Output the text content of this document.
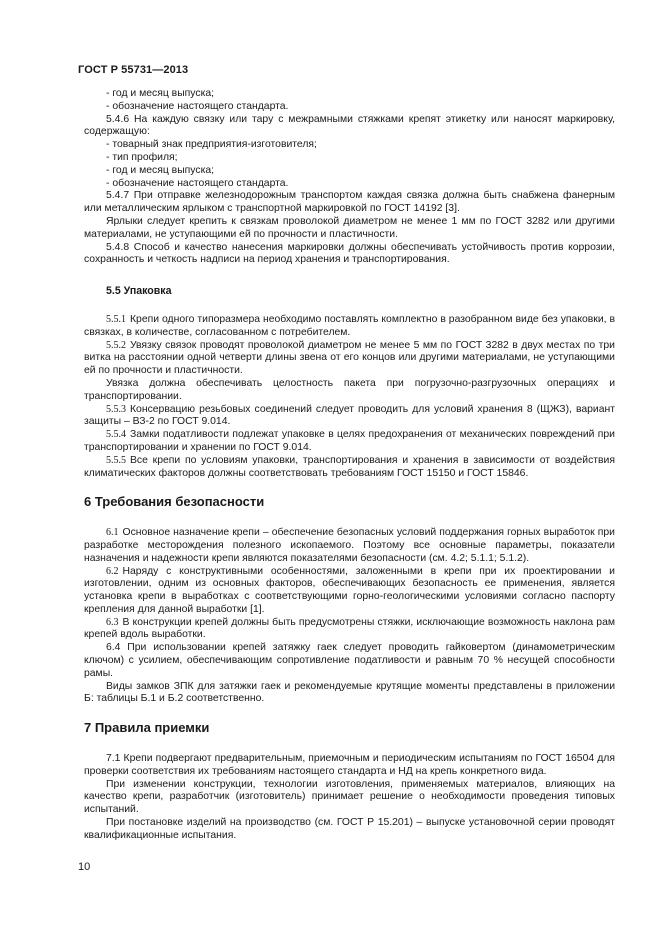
ГОСТ Р 55731—2013

- год и месяц выпуска;

- обозначение настоящего стандарта.

5.4.6 На каждую связку или тару с межрамными стяжками крепят этикетку или наносят маркировку, содержащую:

- товарный знак предприятия-изготовителя;

- тип профиля;

- год и месяц выпуска;

- обозначение настоящего стандарта.

5.4.7 При отправке железнодорожным транспортом каждая связка должна быть снабжена фанерным или металлическим ярлыком с транспортной маркировкой по ГОСТ 14192 [3].

Ярлыки следует крепить к связкам проволокой диаметром не менее 1 мм по ГОСТ 3282 или другими материалами, не уступающими ей по прочности и пластичности.

5.4.8 Способ и качество нанесения маркировки должны обеспечивать устойчивость против коррозии, сохранность и четкость надписи на период хранения и транспортирования.

5.5 Упаковка

5.5.1 Крепи одного типоразмера необходимо поставлять комплектно в разобранном виде без упаковки, в связках, в количестве, согласованном с потребителем.

5.5.2 Увязку связок проводят проволокой диаметром не менее 5 мм по ГОСТ 3282 в двух местах по три витка на расстоянии одной четверти длины звена от его концов или другими материалами, не уступающими ей по прочности и пластичности.

Увязка должна обеспечивать целостность пакета при погрузочно-разгрузочных операциях и транспортировании.

5.5.3 Консервацию резьбовых соединений следует проводить для условий хранения 8 (ЩЖЗ), вариант защиты – ВЗ-2 по ГОСТ 9.014.

5.5.4 Замки податливости подлежат упаковке в целях предохранения от механических повреждений при транспортировании и хранении по ГОСТ 9.014.

5.5.5 Все крепи по условиям упаковки, транспортирования и хранения в зависимости от воздействия климатических факторов должны соответствовать требованиям ГОСТ 15150 и ГОСТ 15846.

6 Требования безопасности

6.1 Основное назначение крепи – обеспечение безопасных условий поддержания горных выработок при разработке месторождения полезного ископаемого. Поэтому все основные параметры, показатели назначения и надежности крепи являются показателями безопасности (см. 4.2; 5.1.1; 5.1.2).

6.2 Наряду с конструктивными особенностями, заложенными в крепи при их проектировании и изготовлении, одним из основных факторов, обеспечивающих безопасность ее применения, является установка крепи в выработках с соответствующими горно-геологическими условиями согласно паспорту крепления для данной выработки [1].

6.3 В конструкции крепей должны быть предусмотрены стяжки, исключающие возможность наклона рам крепей вдоль выработки.

6.4 При использовании крепей затяжку гаек следует проводить гайковертом (динамометрическим ключом) с усилием, обеспечивающим сопротивление податливости и равным 70 % несущей способности рамы.

Виды замков ЗПК для затяжки гаек и рекомендуемые крутящие моменты представлены в приложении Б: таблицы Б.1 и Б.2 соответственно.

7 Правила приемки

7.1 Крепи подвергают предварительным, приемочным и периодическим испытаниям по ГОСТ 16504 для проверки соответствия их требованиям настоящего стандарта и НД на крепь конкретного вида.

При изменении конструкции, технологии изготовления, применяемых материалов, влияющих на качество крепи, разработчик (изготовитель) принимает решение о необходимости проведения типовых испытаний.

При постановке изделий на производство (см. ГОСТ Р 15.201) – выпуске установочной серии проводят квалификационные испытания.

10
